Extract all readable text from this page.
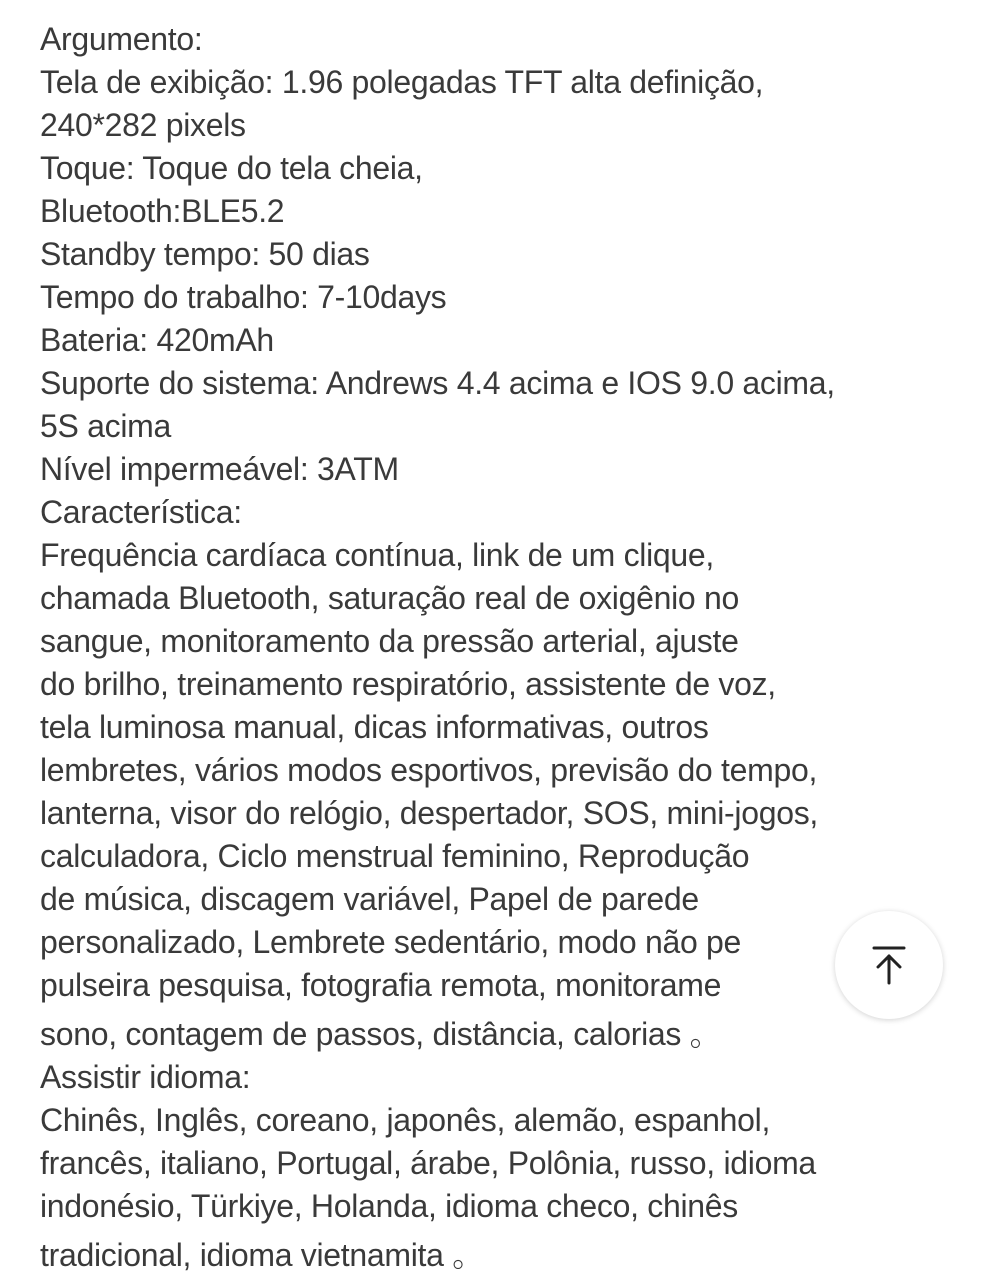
Argumento:
Tela de exibição: 1.96 polegadas TFT alta definição,
240*282 pixels
Toque: Toque do tela cheia,
Bluetooth:BLE5.2
Standby tempo: 50 dias
Tempo do trabalho: 7-10days
Bateria: 420mAh
Suporte do sistema: Andrews 4.4 acima e IOS 9.0 acima,
5S acima
Nível impermeável: 3ATM
Característica:
Frequência cardíaca contínua, link de um clique,
chamada Bluetooth, saturação real de oxigênio no
sangue, monitoramento da pressão arterial, ajuste
do brilho, treinamento respiratório, assistente de voz,
tela luminosa manual, dicas informativas, outros
lembretes, vários modos esportivos, previsão do tempo,
lanterna, visor do relógio, despertador, SOS, mini-jogos,
calculadora, Ciclo menstrual feminino, Reprodução
de música, discagem variável, Papel de parede
personalizado, Lembrete sedentário, modo não pe
pulseira pesquisa, fotografia remota, monitorame
sono, contagem de passos, distância, calorias 。
Assistir idioma:
Chinês, Inglês, coreano, japonês, alemão, espanhol,
francês, italiano, Portugal, árabe, Polônia, russo, idioma
indonésio, Türkiye, Holanda, idioma checo, chinês
tradicional, idioma vietnamita 。
